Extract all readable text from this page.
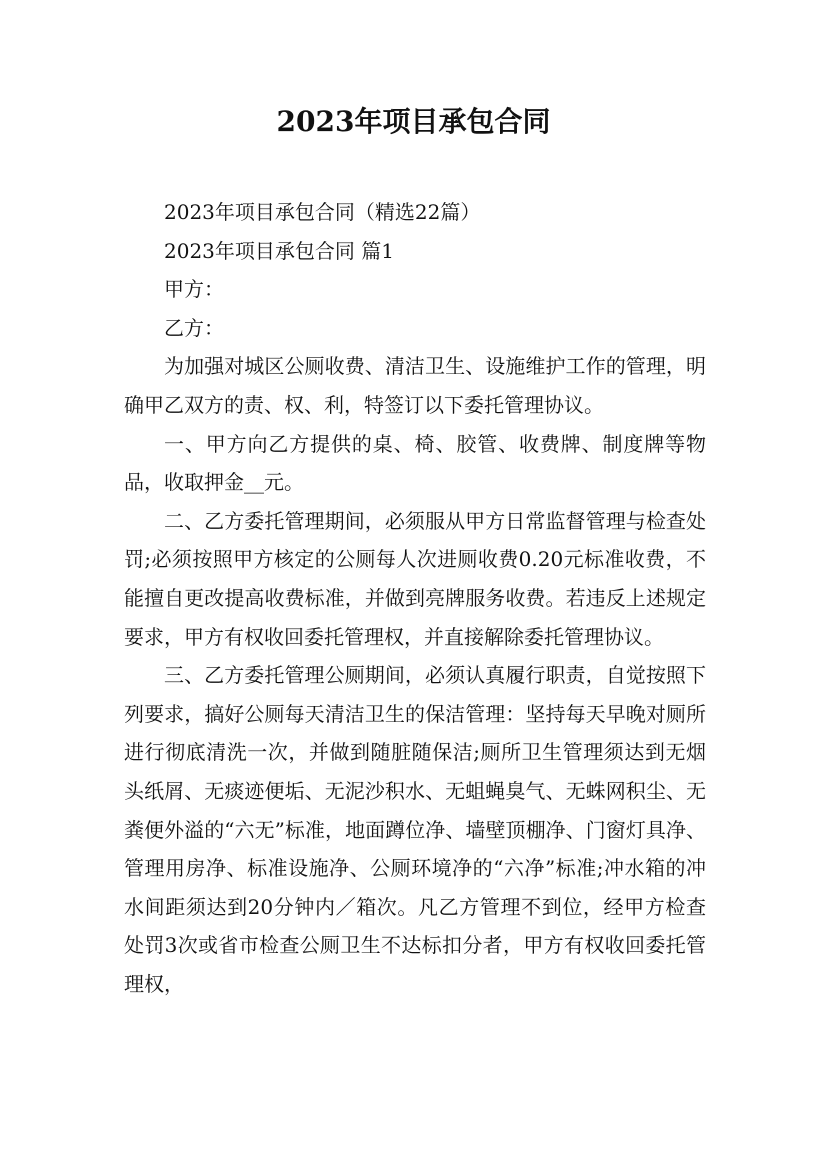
2023年项目承包合同

2023年项目承包合同（精选22篇）

2023年项目承包合同 篇1

甲方：

乙方：

为加强对城区公厕收费、清洁卫生、设施维护工作的管理，明确甲乙双方的责、权、利，特签订以下委托管理协议。

一、甲方向乙方提供的桌、椅、胶管、收费牌、制度牌等物品，收取押金__元。

二、乙方委托管理期间，必须服从甲方日常监督管理与检查处罚;必须按照甲方核定的公厕每人次进厕收费0.20元标准收费，不能擅自更改提高收费标准，并做到亮牌服务收费。若违反上述规定要求，甲方有权收回委托管理权，并直接解除委托管理协议。

三、乙方委托管理公厕期间，必须认真履行职责，自觉按照下列要求，搞好公厕每天清洁卫生的保洁管理：坚持每天早晚对厕所进行彻底清洗一次，并做到随脏随保洁;厕所卫生管理须达到无烟头纸屑、无痰迹便垢、无泥沙积水、无蛆蝇臭气、无蛛网积尘、无粪便外溢的“六无”标准，地面蹲位净、墙壁顶棚净、门窗灯具净、管理用房净、标准设施净、公厕环境净的“六净”标准;冲水箱的冲水间距须达到20分钟内／箱次。凡乙方管理不到位，经甲方检查处罚3次或省市检查公厕卫生不达标扣分者，甲方有权收回委托管理权，
